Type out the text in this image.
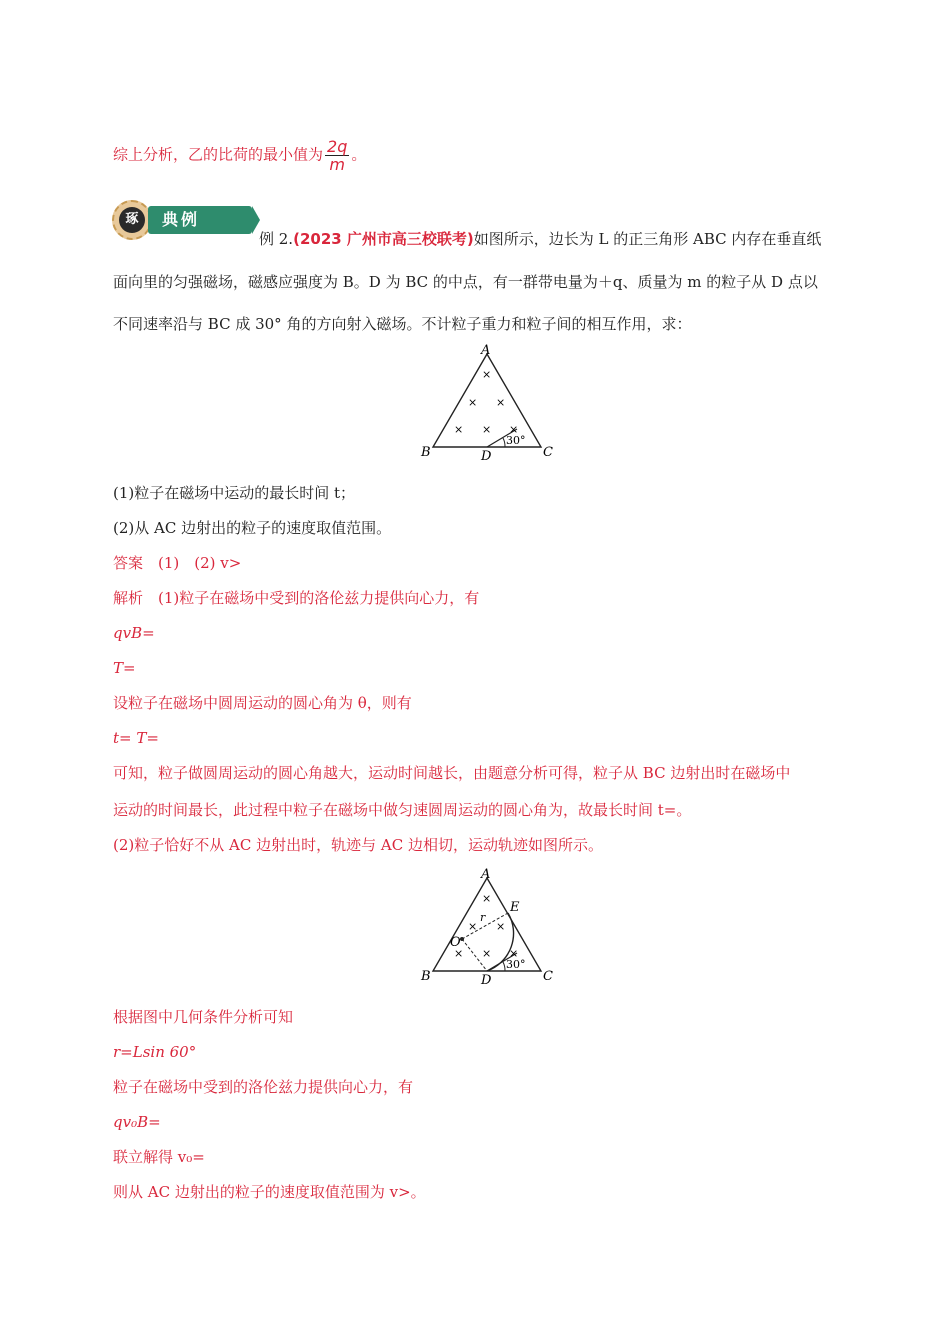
综上分析，乙的比荷的最小值为 $\frac{2q}{m}$ 。
琢	典例
例 2.(2023 广州市高三校联考)如图所示，边长为 L 的正三角形 ABC 内存在垂直纸
面向里的匀强磁场，磁感应强度为 B。D 为 BC 的中点，有一群带电量为＋q、质量为 m 的粒子从 D 点以
不同速率沿与 BC 成 30° 角的方向射入磁场。不计粒子重力和粒子间的相互作用，求：
×
× ×
× × ×
A
B	C
D
30°
(1)粒子在磁场中运动的最长时间 t；
(2)从 AC 边射出的粒子的速度取值范围。
答案　(1)　(2) v>
解析　(1)粒子在磁场中受到的洛伦兹力提供向心力，有
qvB=
T=
设粒子在磁场中圆周运动的圆心角为 θ，则有
t= T=
可知，粒子做圆周运动的圆心角越大，运动时间越长，由题意分析可得，粒子从 BC 边射出时在磁场中
运动的时间最长，此过程中粒子在磁场中做匀速圆周运动的圆心角为，故最长时间 t=。
(2)粒子恰好不从 AC 边射出时，轨迹与 AC 边相切，运动轨迹如图所示。
×
× ×
× × ×
A
B	C
D
E
O
r
30°
根据图中几何条件分析可知
r=Lsin 60°
粒子在磁场中受到的洛伦兹力提供向心力，有
qv₀B=
联立解得 v₀=
则从 AC 边射出的粒子的速度取值范围为 v>。
